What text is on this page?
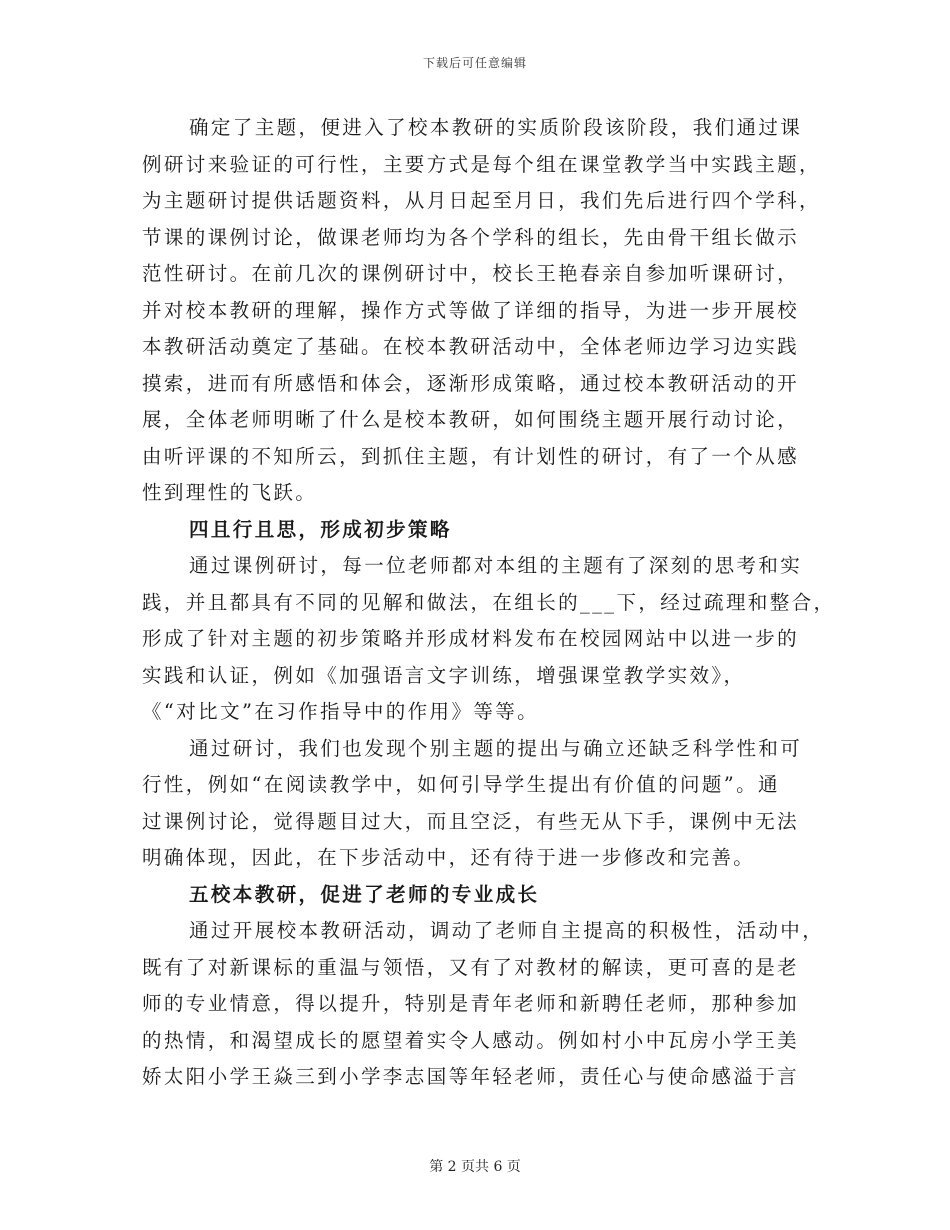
下载后可任意编辑
确定了主题，便进入了校本教研的实质阶段该阶段，我们通过课
例研讨来验证的可行性，主要方式是每个组在课堂教学当中实践主题，
为主题研讨提供话题资料，从月日起至月日，我们先后进行四个学科，
节课的课例讨论，做课老师均为各个学科的组长，先由骨干组长做示
范性研讨。在前几次的课例研讨中，校长王艳春亲自参加听课研讨，
并对校本教研的理解，操作方式等做了详细的指导，为进一步开展校
本教研活动奠定了基础。在校本教研活动中，全体老师边学习边实践
摸索，进而有所感悟和体会，逐渐形成策略，通过校本教研活动的开
展，全体老师明晰了什么是校本教研，如何围绕主题开展行动讨论，
由听评课的不知所云，到抓住主题，有计划性的研讨，有了一个从感
性到理性的飞跃。
四且行且思，形成初步策略
通过课例研讨，每一位老师都对本组的主题有了深刻的思考和实
践，并且都具有不同的见解和做法，在组长的___下，经过疏理和整合，
形成了针对主题的初步策略并形成材料发布在校园网站中以进一步的
实践和认证，例如《加强语言文字训练，增强课堂教学实效》，
《“对比文”在习作指导中的作用》等等。
通过研讨，我们也发现个别主题的提出与确立还缺乏科学性和可
行性，例如“在阅读教学中，如何引导学生提出有价值的问题”。通
过课例讨论，觉得题目过大，而且空泛，有些无从下手，课例中无法
明确体现，因此，在下步活动中，还有待于进一步修改和完善。
五校本教研，促进了老师的专业成长
通过开展校本教研活动，调动了老师自主提高的积极性，活动中，
既有了对新课标的重温与领悟，又有了对教材的解读，更可喜的是老
师的专业情意，得以提升，特别是青年老师和新聘任老师，那种参加
的热情，和渴望成长的愿望着实令人感动。例如村小中瓦房小学王美
娇太阳小学王焱三到小学李志国等年轻老师，责任心与使命感溢于言
第 2 页共 6 页
